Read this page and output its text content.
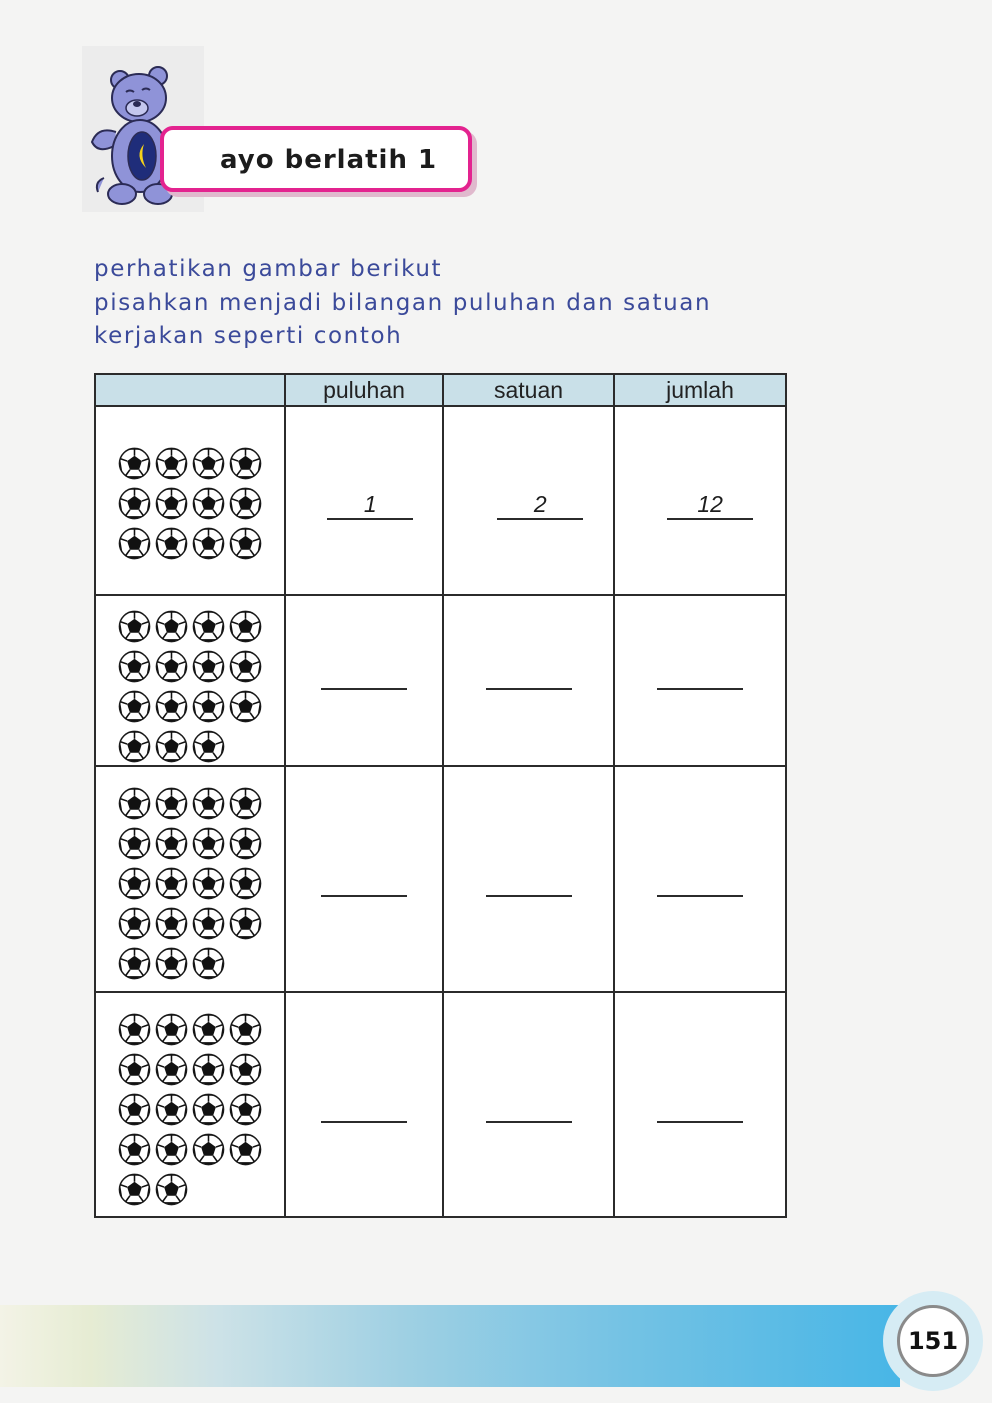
ayo berlatih 1
perhatikan gambar berikut
pisahkan menjadi bilangan puluhan dan satuan
kerjakan seperti contoh
	puluhan	satuan	jumlah

1	2	12

151
